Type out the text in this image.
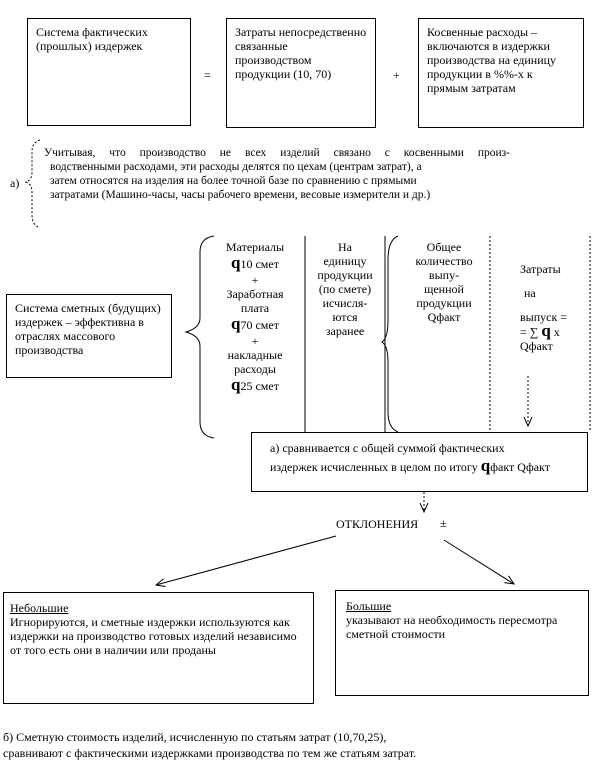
Система фактических (прошлых) издержек
=
Затраты непосредственно связанные производством продукции (10, 70)	+
Косвенные расходы – включаются в издержки производства на единицу продукции в %%-х к прямым затратам
а)
Учитывая, что производство не всех изделий связано с косвенными произ-
водственными расходами, эти расходы делятся по цехам (центрам затрат), а
затем относятся на изделия на более точной базе по сравнению с прямыми
затратами (Машино-часы, часы рабочего времени, весовые измерители и др.)
Система сметных (будущих) издержек – эффективна в отраслях массового производства
Материалы
q10 смет
+
Заработная
плата
q70 смет
+
накладные
расходы
q25 смет
На
единицу
продукции
(по смете)
исчисля-
ются
заранее
Общее
количество
выпу-
щенной
продукции
Qфакт
Затраты
на
выпуск =
= ∑ q х
Qфакт
а) сравнивается с общей суммой фактических
издержек исчисленных в целом по итогу qфакт Qфакт
ОТКЛОНЕНИЯ ±
Небольшие
Игнорируются, и сметные издержки используются как издержки на производство готовых изделий независимо от того есть они в наличии или проданы
Большие
указывают на необходимость пересмотра сметной стоимости
б) Сметную стоимость изделий, исчисленную по статьям затрат (10,70,25),
сравнивают с фактическими издержками производства по тем же статьям затрат.
